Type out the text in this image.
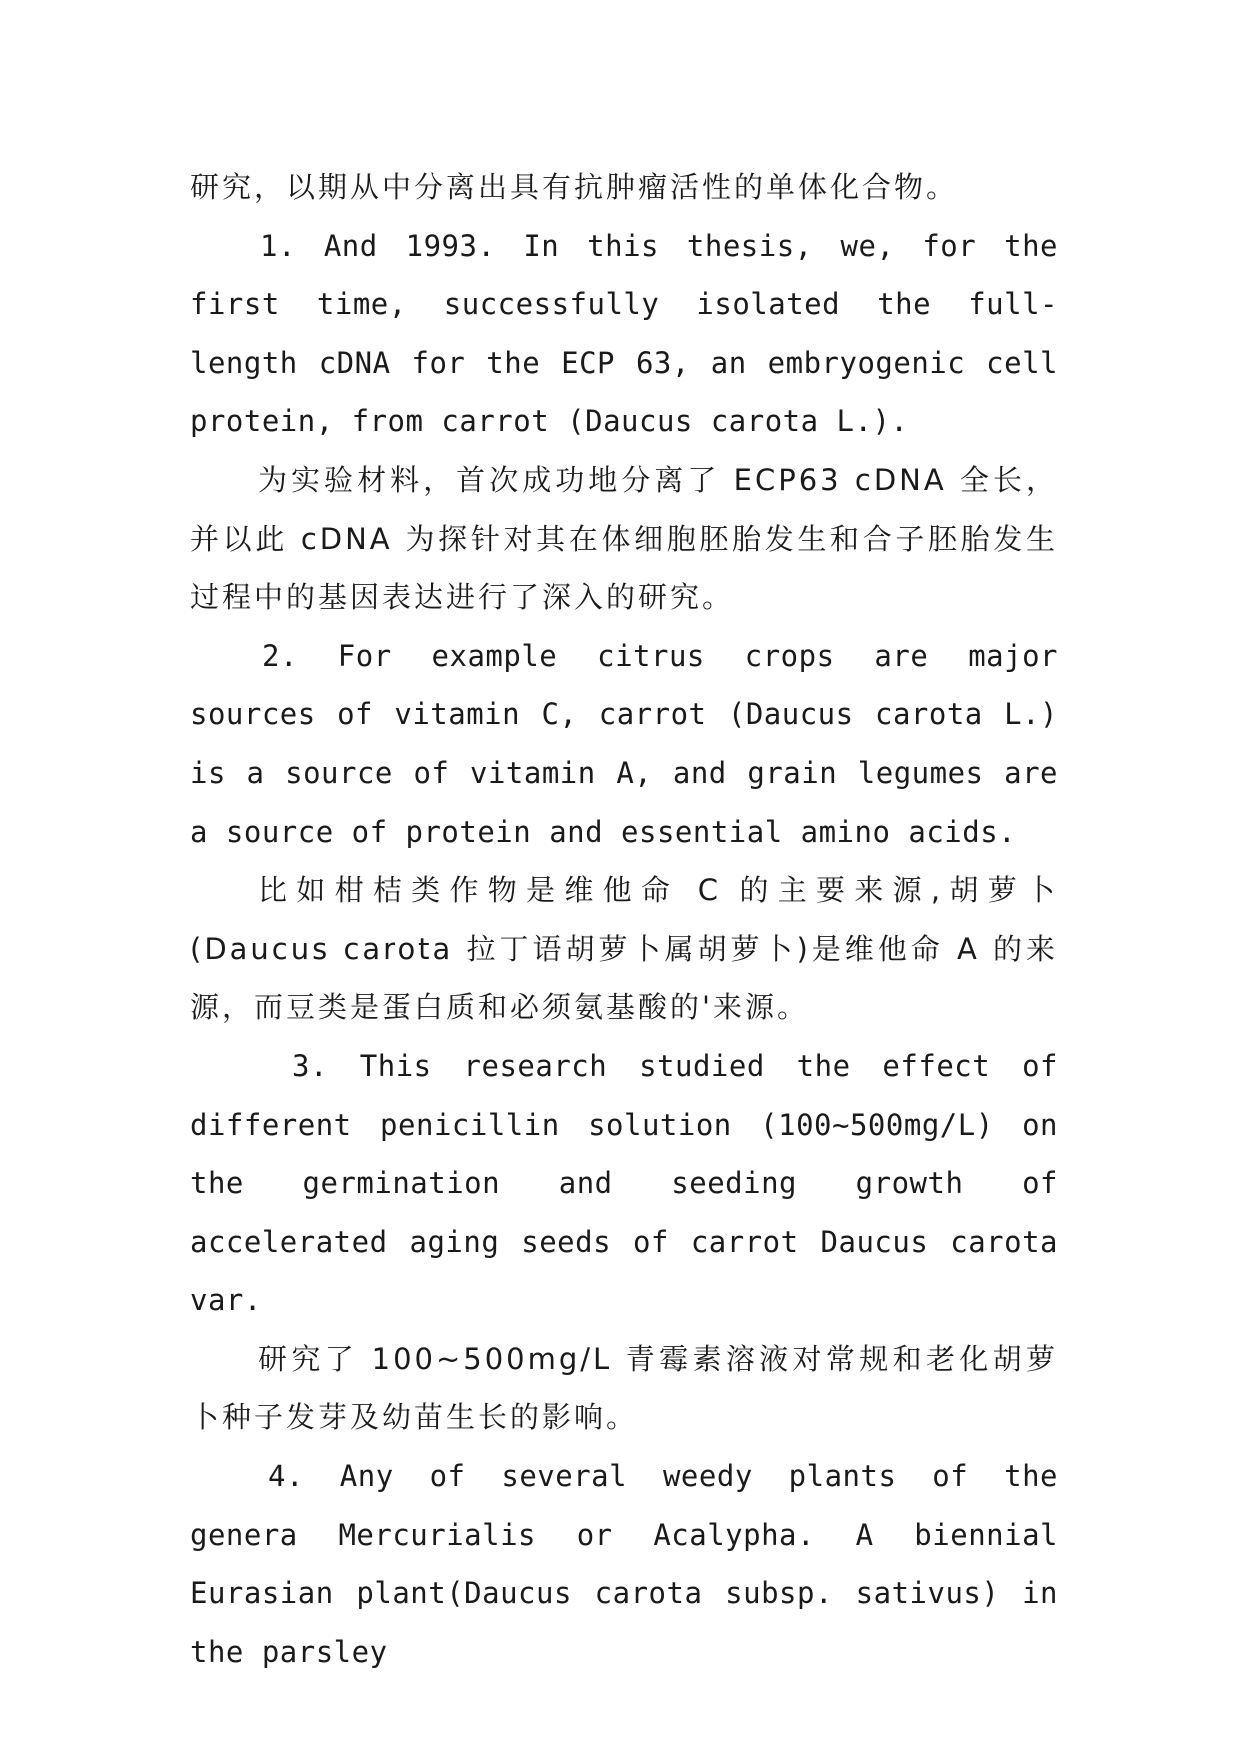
研究，以期从中分离出具有抗肿瘤活性的单体化合物。

1. And 1993. In this thesis, we, for the first time, successfully isolated the full-length cDNA for the ECP 63, an embryogenic cell protein, from carrot (Daucus carota L.).

为实验材料，首次成功地分离了 ECP63 cDNA 全长，并以此 cDNA 为探针对其在体细胞胚胎发生和合子胚胎发生过程中的基因表达进行了深入的研究。

2. For example citrus crops are major sources of vitamin C, carrot (Daucus carota L.) is a source of vitamin A, and grain legumes are a source of protein and essential amino acids.

比如柑桔类作物是维他命 C 的主要来源,胡萝卜(Daucus carota 拉丁语胡萝卜属胡萝卜)是维他命 A 的来源，而豆类是蛋白质和必须氨基酸的'来源。

3. This research studied the effect of different penicillin solution (100~500mg/L) on the germination and seeding growth of accelerated aging seeds of carrot Daucus carota var.

研究了 100~500mg/L 青霉素溶液对常规和老化胡萝卜种子发芽及幼苗生长的影响。

4. Any of several weedy plants of the genera Mercurialis or Acalypha. A biennial Eurasian plant(Daucus carota subsp. sativus) in the parsley
